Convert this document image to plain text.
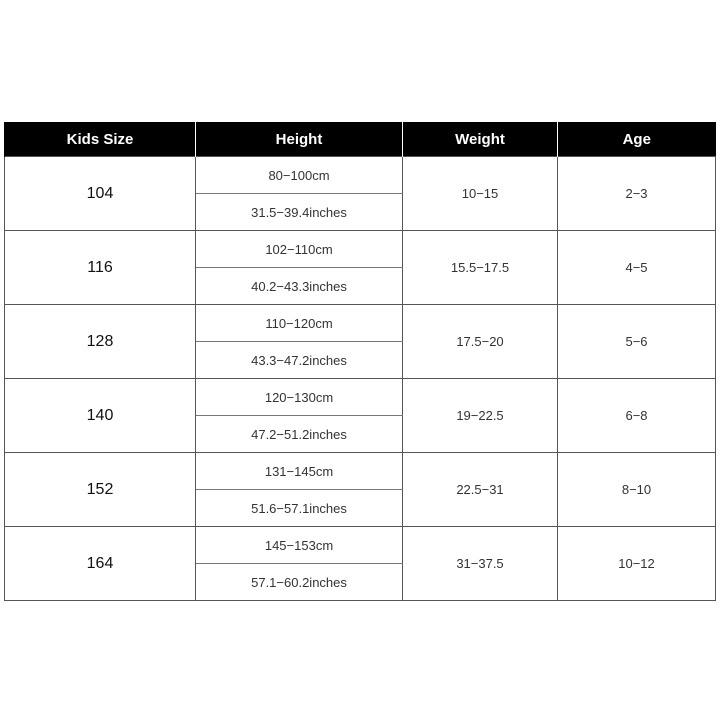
Kids Size	Height	Weight	Age
104	80−100cm	10−15	2−3
	31.5−39.4inches		
116	102−110cm	15.5−17.5	4−5
	40.2−43.3inches		
128	110−120cm	17.5−20	5−6
	43.3−47.2inches		
140	120−130cm	19−22.5	6−8
	47.2−51.2inches		
152	131−145cm	22.5−31	8−10
	51.6−57.1inches		
164	145−153cm	31−37.5	10−12
	57.1−60.2inches		
